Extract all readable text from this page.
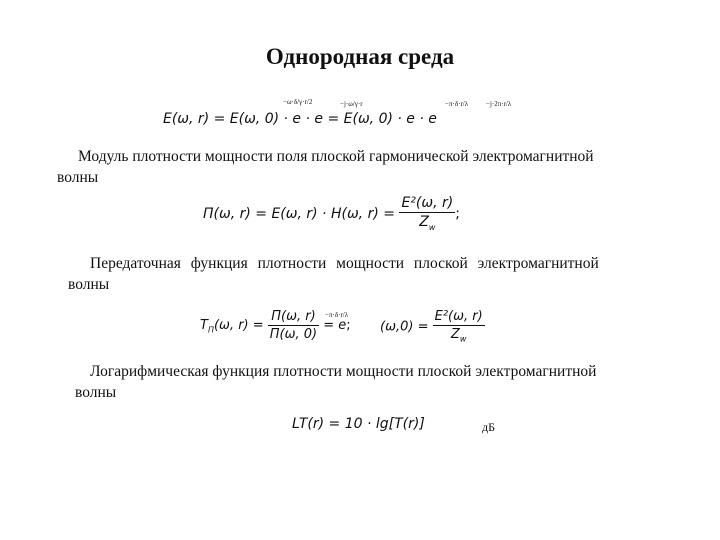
Однородная среда
E(ω, r) = E(ω, 0) · e · e = E(ω, 0) · e · e
−ω·δ/γ·r/2	−j·ω/γ·r	−π·δ·r/λ	−j·2π·r/λ
Модуль плотности мощности поля плоской гармонической электромагнитной
волны
П(ω, r) = E(ω, r) · H(ω, $r) = \frac{\text{E²(ω, r)}}{Z_w}$ ;
Передаточная функция плотности мощности плоской электромагнитной
волны
$T_П(\omega$, $r) = \frac{П(\omega, r)}{П(\omega, 0)} = e$;
−π·δ·r/λ
$(\omega,0) = \frac{\text{E²(ω, r)}}{Z_w}$
Логарифмическая функция плотности мощности плоской электромагнитной
волны
LT(r) = 10 · lg[T(r)]	дБ
